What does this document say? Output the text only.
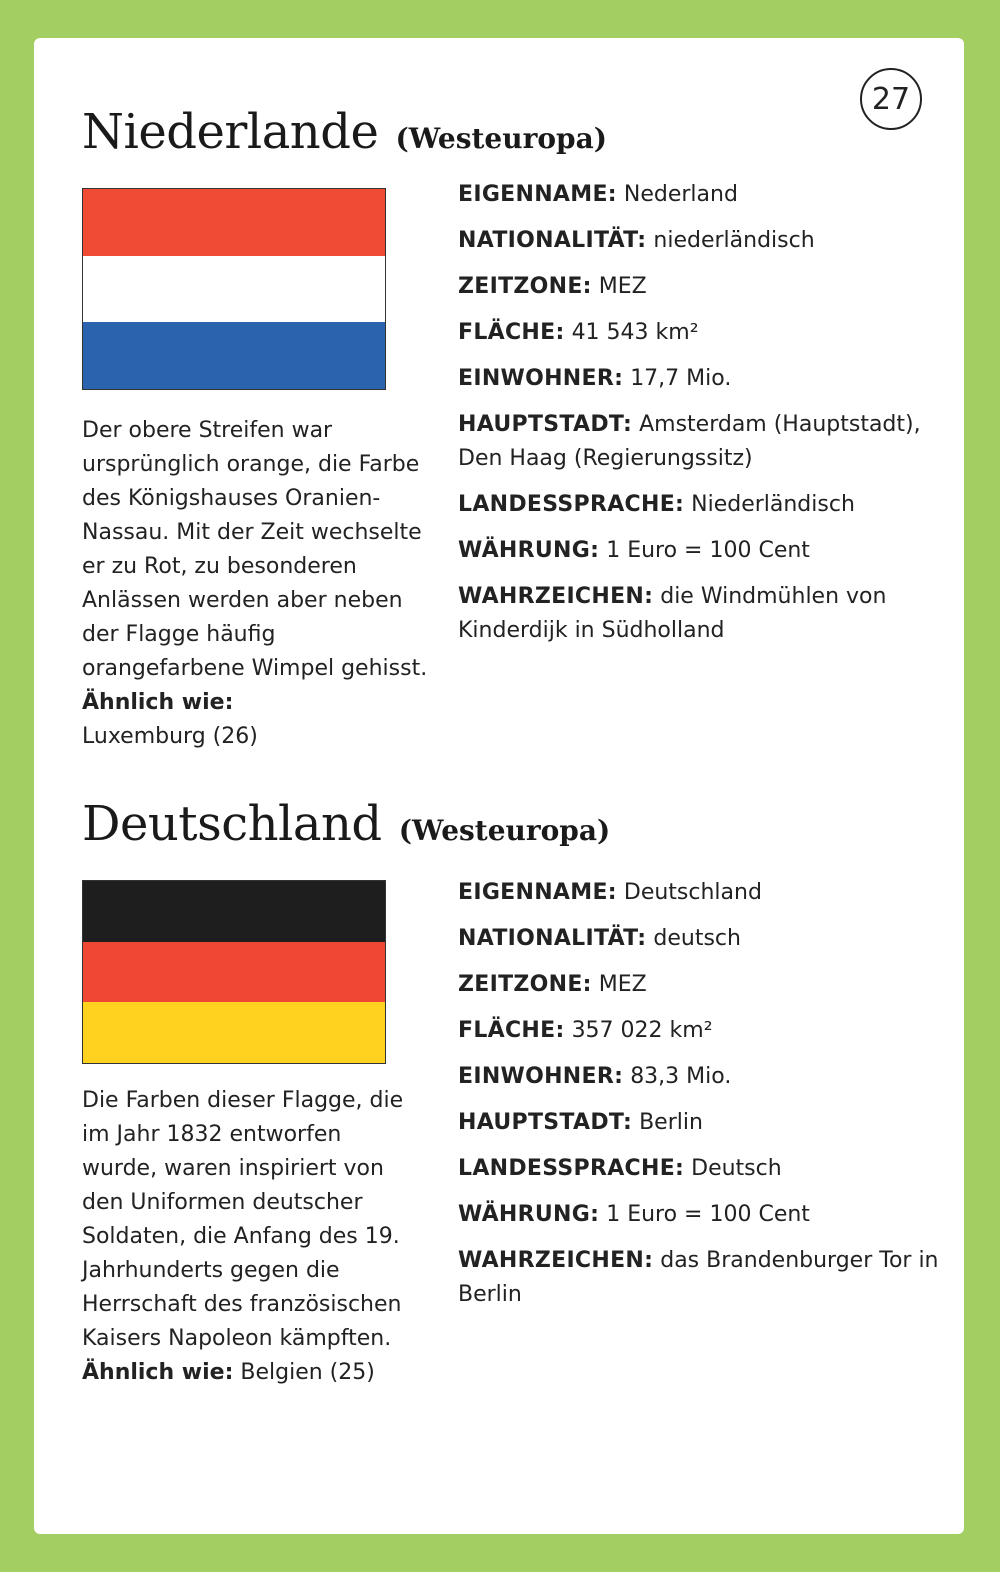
27
Niederlande (Westeuropa)
Der obere Streifen war ursprünglich orange, die Farbe des Königshauses Oranien-Nassau. Mit der Zeit wechselte er zu Rot, zu besonderen Anlässen werden aber neben der Flagge häufig orangefarbene Wimpel gehisst.
Ähnlich wie:
Luxemburg (26)
EIGENNAME: Nederland
NATIONALITÄT: niederländisch
ZEITZONE: MEZ
FLÄCHE: 41 543 km²
EINWOHNER: 17,7 Mio.
HAUPTSTADT: Amsterdam (Hauptstadt), Den Haag (Regierungssitz)
LANDESSPRACHE: Niederländisch
WÄHRUNG: 1 Euro = 100 Cent
WAHRZEICHEN: die Windmühlen von Kinderdijk in Südholland
Deutschland (Westeuropa)
Die Farben dieser Flagge, die im Jahr 1832 entworfen wurde, waren inspiriert von den Uniformen deutscher Soldaten, die Anfang des 19. Jahrhunderts gegen die Herrschaft des französischen Kaisers Napoleon kämpften.
Ähnlich wie: Belgien (25)
EIGENNAME: Deutschland
NATIONALITÄT: deutsch
ZEITZONE: MEZ
FLÄCHE: 357 022 km²
EINWOHNER: 83,3 Mio.
HAUPTSTADT: Berlin
LANDESSPRACHE: Deutsch
WÄHRUNG: 1 Euro = 100 Cent
WAHRZEICHEN: das Brandenburger Tor in Berlin
